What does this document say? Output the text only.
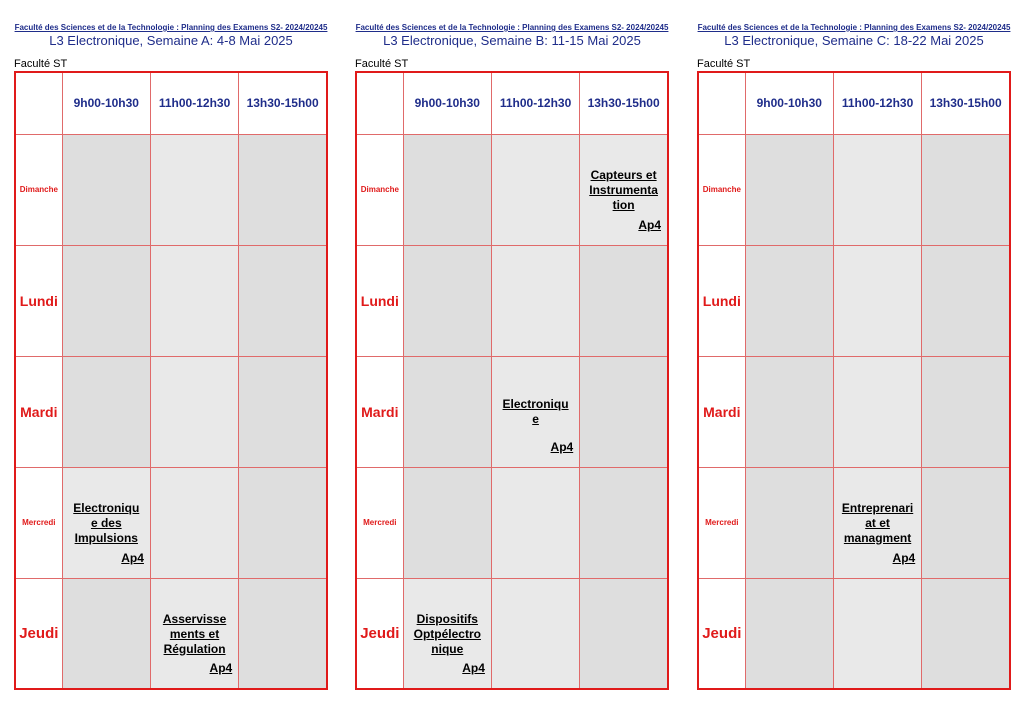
Faculté des Sciences et de la Technologie : Planning des Examens S2- 2024/20245
L3 Electronique, Semaine A: 4-8 Mai 2025
Faculté ST
	9h00-10h30	11h00-12h30	13h30-15h00
Dimanche			
Lundi			
Mardi			
Mercredi	Electroniqu
e des
Impulsions
Ap4		

Jeudi		Asservisse
ments et
Régulation
Ap4	

Faculté des Sciences et de la Technologie : Planning des Examens S2- 2024/20245
L3 Electronique, Semaine B: 11-15 Mai 2025
Faculté ST
	9h00-10h30	11h00-12h30	13h30-15h00
Dimanche			Capteurs et
Instrumenta
tion
Ap4

Lundi			
Mardi		Electroniqu
e
Ap4	

Mercredi			
Jeudi	Dispositifs
Optpélectro
nique
Ap4		

Faculté des Sciences et de la Technologie : Planning des Examens S2- 2024/20245
L3 Electronique, Semaine C: 18-22 Mai 2025
Faculté ST
	9h00-10h30	11h00-12h30	13h30-15h00
Dimanche			
Lundi			
Mardi			
Mercredi		Entreprenari
at et
managment
Ap4	

Jeudi			
